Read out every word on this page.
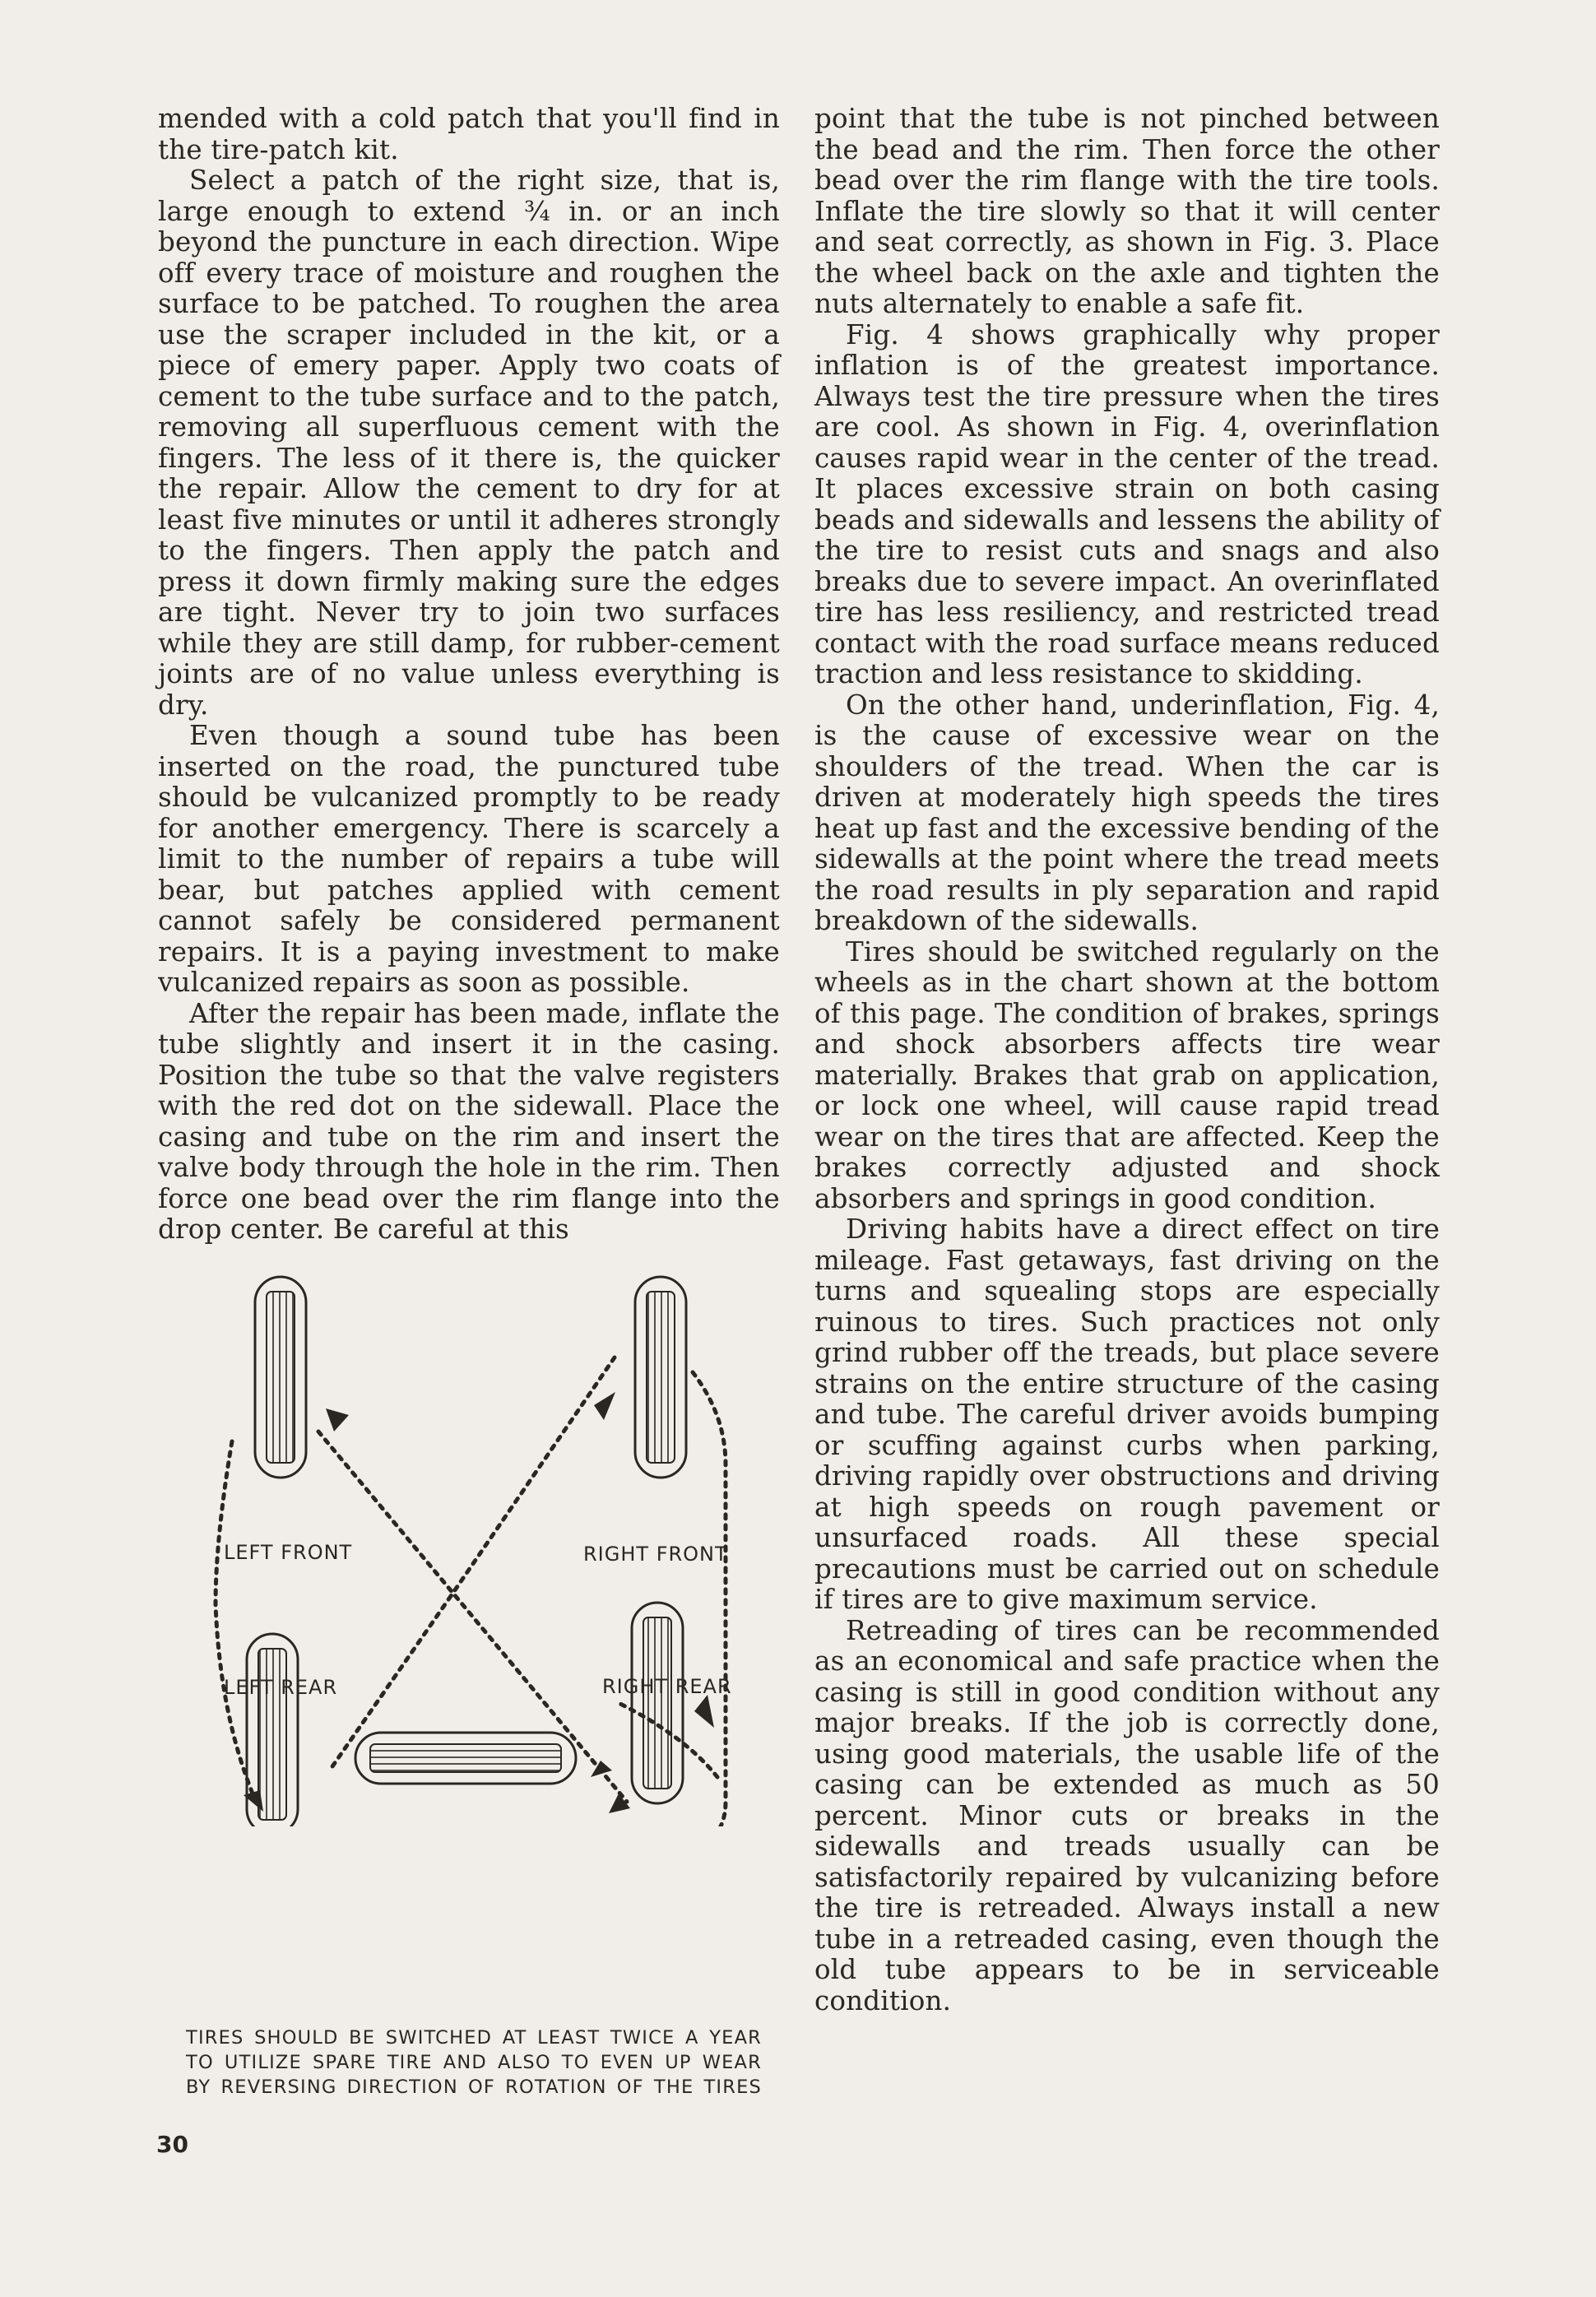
mended with a cold patch that you'll find in the tire-patch kit.

Select a patch of the right size, that is, large enough to extend ¾ in. or an inch beyond the puncture in each direction. Wipe off every trace of moisture and roughen the surface to be patched. To roughen the area use the scraper included in the kit, or a piece of emery paper. Apply two coats of cement to the tube surface and to the patch, removing all superfluous cement with the fingers. The less of it there is, the quicker the repair. Allow the cement to dry for at least five minutes or until it adheres strongly to the fingers. Then apply the patch and press it down firmly making sure the edges are tight. Never try to join two surfaces while they are still damp, for rubber-cement joints are of no value unless everything is dry.

Even though a sound tube has been inserted on the road, the punctured tube should be vulcanized promptly to be ready for another emergency. There is scarcely a limit to the number of repairs a tube will bear, but patches applied with cement cannot safely be considered permanent repairs. It is a paying investment to make vulcanized repairs as soon as possible.

After the repair has been made, inflate the tube slightly and insert it in the casing. Position the tube so that the valve registers with the red dot on the sidewall. Place the casing and tube on the rim and insert the valve body through the hole in the rim. Then force one bead over the rim flange into the drop center. Be careful at this

point that the tube is not pinched between the bead and the rim. Then force the other bead over the rim flange with the tire tools. Inflate the tire slowly so that it will center and seat correctly, as shown in Fig. 3. Place the wheel back on the axle and tighten the nuts alternately to enable a safe fit.

Fig. 4 shows graphically why proper inflation is of the greatest importance. Always test the tire pressure when the tires are cool. As shown in Fig. 4, overinflation causes rapid wear in the center of the tread. It places excessive strain on both casing beads and sidewalls and lessens the ability of the tire to resist cuts and snags and also breaks due to severe impact. An overinflated tire has less resiliency, and restricted tread contact with the road surface means reduced traction and less resistance to skidding.

On the other hand, underinflation, Fig. 4, is the cause of excessive wear on the shoulders of the tread. When the car is driven at moderately high speeds the tires heat up fast and the excessive bending of the sidewalls at the point where the tread meets the road results in ply separation and rapid breakdown of the sidewalls.

Tires should be switched regularly on the wheels as in the chart shown at the bottom of this page. The condition of brakes, springs and shock absorbers affects tire wear materially. Brakes that grab on application, or lock one wheel, will cause rapid tread wear on the tires that are affected. Keep the brakes correctly adjusted and shock absorbers and springs in good condition.

Driving habits have a direct effect on tire mileage. Fast getaways, fast driving on the turns and squealing stops are especially ruinous to tires. Such practices not only grind rubber off the treads, but place severe strains on the entire structure of the casing and tube. The careful driver avoids bumping or scuffing against curbs when parking, driving rapidly over obstructions and driving at high speeds on rough pavement or unsurfaced roads. All these special precautions must be carried out on schedule if tires are to give maximum service.

Retreading of tires can be recommended as an economical and safe practice when the casing is still in good condition without any major breaks. If the job is correctly done, using good materials, the usable life of the casing can be extended as much as 50 percent. Minor cuts or breaks in the sidewalls and treads usually can be satisfactorily repaired by vulcanizing before the tire is retreaded. Always install a new tube in a retreaded casing, even though the old tube appears to be in serviceable condition.

LEFT FRONT	RIGHT FRONT
LEFT REAR	RIGHT REAR
TIRES SHOULD BE SWITCHED AT LEAST TWICE A YEAR
TO UTILIZE SPARE TIRE AND ALSO TO EVEN UP WEAR
BY REVERSING DIRECTION OF ROTATION OF THE TIRES
30
